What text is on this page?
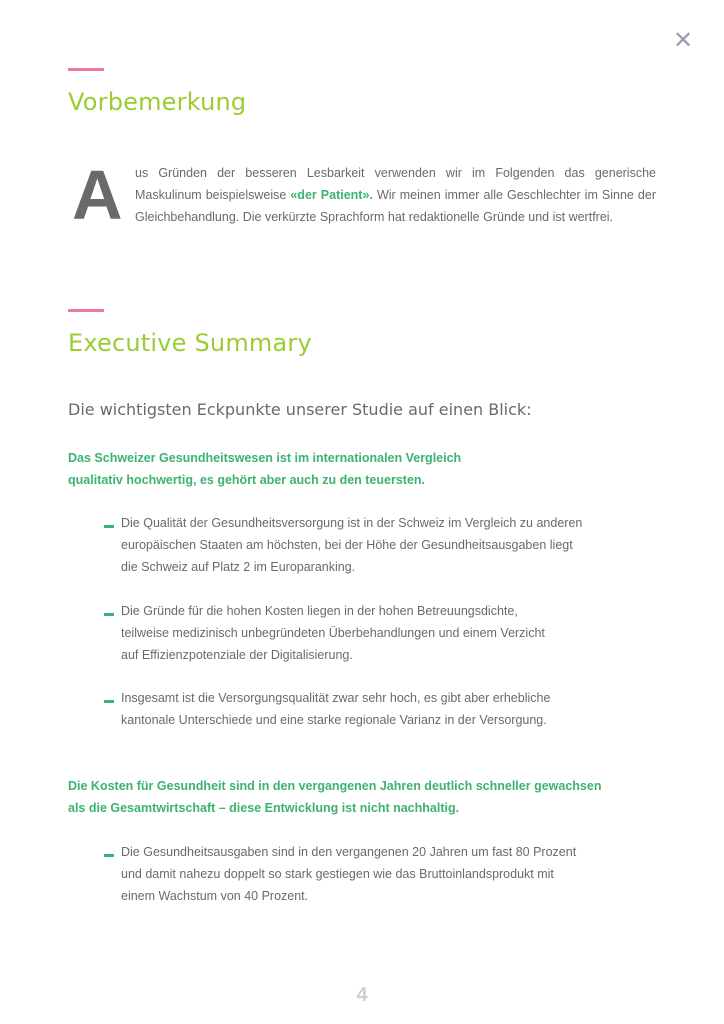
✕
Vorbemerkung
A us Gründen der besseren Lesbarkeit verwenden wir im Folgenden das generische Maskulinum beispielsweise «der Patient». Wir meinen immer alle Geschlechter im Sinne der Gleichbehandlung. Die verkürzte Sprachform hat redaktionelle Gründe und ist wertfrei.

Executive Summary

Die wichtigsten Eckpunkte unserer Studie auf einen Blick:

Das Schweizer Gesundheitswesen ist im internationalen Vergleich
qualitativ hochwertig, es gehört aber auch zu den teuersten.

Die Qualität der Gesundheitsversorgung ist in der Schweiz im Vergleich zu anderen
europäischen Staaten am höchsten, bei der Höhe der Gesundheitsausgaben liegt
die Schweiz auf Platz 2 im Europaranking.

Die Gründe für die hohen Kosten liegen in der hohen Betreuungsdichte,
teilweise medizinisch unbegründeten Überbehandlungen und einem Verzicht
auf Effizienzpotenziale der Digitalisierung.

Insgesamt ist die Versorgungsqualität zwar sehr hoch, es gibt aber erhebliche
kantonale Unterschiede und eine starke regionale Varianz in der Versorgung.

Die Kosten für Gesundheit sind in den vergangenen Jahren deutlich schneller gewachsen
als die Gesamtwirtschaft – diese Entwicklung ist nicht nachhaltig.

Die Gesundheitsausgaben sind in den vergangenen 20 Jahren um fast 80 Prozent
und damit nahezu doppelt so stark gestiegen wie das Bruttoinlandsprodukt mit
einem Wachstum von 40 Prozent.

4
